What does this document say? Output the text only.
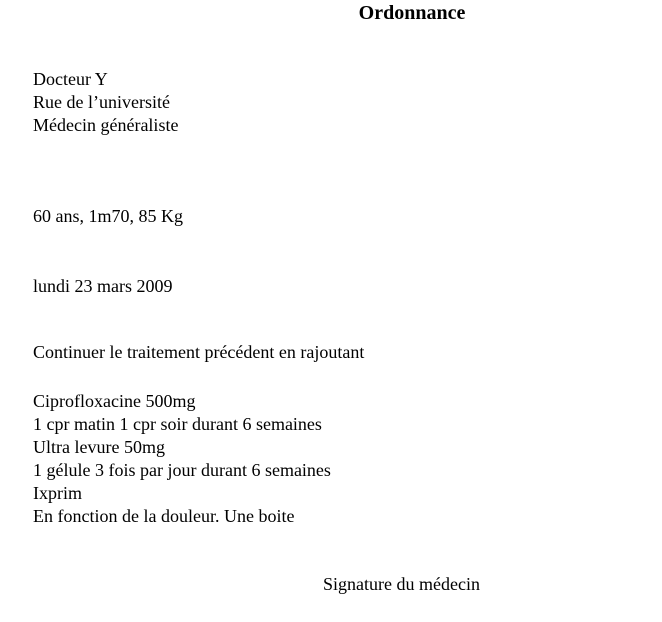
Ordonnance
Docteur Y
Rue de l’université
Médecin généraliste
60 ans, 1m70, 85 Kg
lundi 23 mars 2009
Continuer le traitement précédent en rajoutant
Ciprofloxacine 500mg
1 cpr matin 1 cpr soir durant 6 semaines
Ultra levure 50mg
1 gélule 3 fois par jour durant 6 semaines
Ixprim
En fonction de la douleur. Une boite
Signature du médecin
